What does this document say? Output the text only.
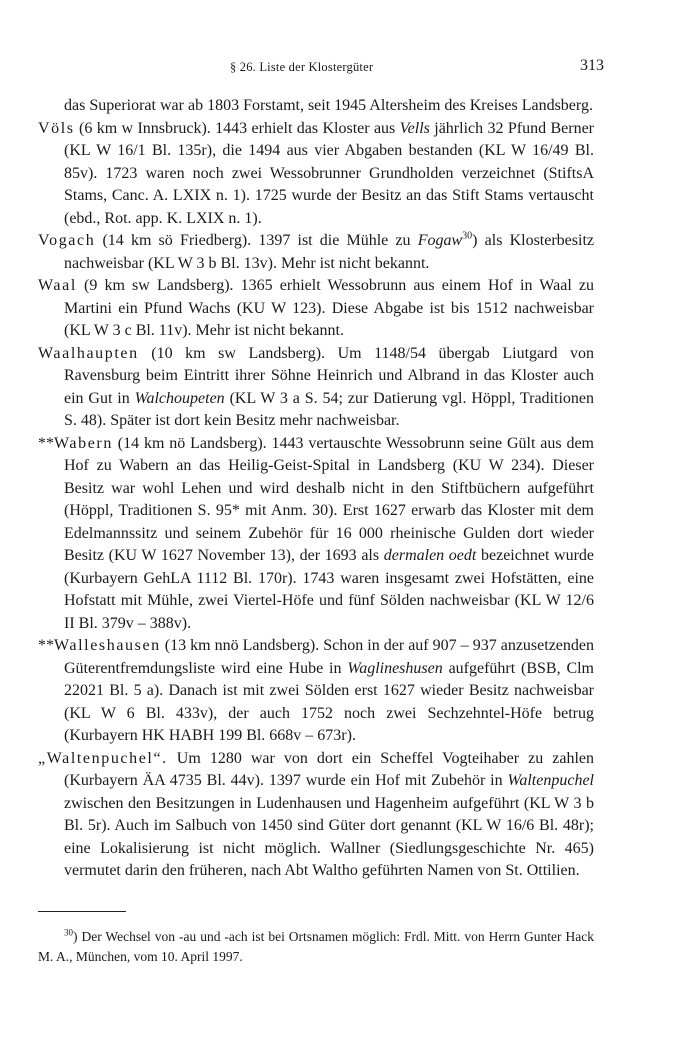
§ 26. Liste der Klostergüter	313

das Superiorat war ab 1803 Forstamt, seit 1945 Altersheim des Kreises Landsberg.

Völs (6 km w Innsbruck). 1443 erhielt das Kloster aus Vells jährlich 32 Pfund Berner (KL W 16/1 Bl. 135r), die 1494 aus vier Abgaben bestanden (KL W 16/49 Bl. 85v). 1723 waren noch zwei Wessobrunner Grundholden verzeichnet (StiftsA Stams, Canc. A. LXIX n. 1). 1725 wurde der Besitz an das Stift Stams vertauscht (ebd., Rot. app. K. LXIX n. 1).

Vogach (14 km sö Friedberg). 1397 ist die Mühle zu Fogaw$^{30}$) als Klosterbesitz nachweisbar (KL W 3 b Bl. 13v). Mehr ist nicht bekannt.

Waal (9 km sw Landsberg). 1365 erhielt Wessobrunn aus einem Hof in Waal zu Martini ein Pfund Wachs (KU W 123). Diese Abgabe ist bis 1512 nachweisbar (KL W 3 c Bl. 11v). Mehr ist nicht bekannt.

Waalhaupten (10 km sw Landsberg). Um 1148/54 übergab Liutgard von Ravensburg beim Eintritt ihrer Söhne Heinrich und Albrand in das Kloster auch ein Gut in Walchoupeten (KL W 3 a S. 54; zur Datierung vgl. Höppl, Traditionen S. 48). Später ist dort kein Besitz mehr nachweisbar.

**Wabern (14 km nö Landsberg). 1443 vertauschte Wessobrunn seine Gült aus dem Hof zu Wabern an das Heilig-Geist-Spital in Landsberg (KU W 234). Dieser Besitz war wohl Lehen und wird deshalb nicht in den Stiftbüchern aufgeführt (Höppl, Traditionen S. 95* mit Anm. 30). Erst 1627 erwarb das Kloster mit dem Edelmannssitz und seinem Zubehör für 16 000 rheinische Gulden dort wieder Besitz (KU W 1627 November 13), der 1693 als dermalen oedt bezeichnet wurde (Kurbayern GehLA 1112 Bl. 170r). 1743 waren insgesamt zwei Hofstätten, eine Hofstatt mit Mühle, zwei Viertel-Höfe und fünf Sölden nachweisbar (KL W 12/6 II Bl. 379v – 388v).

**Walleshausen (13 km nnö Landsberg). Schon in der auf 907 – 937 anzusetzenden Güterentfremdungsliste wird eine Hube in Waglineshusen aufgeführt (BSB, Clm 22021 Bl. 5 a). Danach ist mit zwei Sölden erst 1627 wieder Besitz nachweisbar (KL W 6 Bl. 433v), der auch 1752 noch zwei Sechzehntel-Höfe betrug (Kurbayern HK HABH 199 Bl. 668v – 673r).

„Waltenpuchel“. Um 1280 war von dort ein Scheffel Vogteihaber zu zahlen (Kurbayern ÄA 4735 Bl. 44v). 1397 wurde ein Hof mit Zubehör in Waltenpuchel zwischen den Besitzungen in Ludenhausen und Hagenheim aufgeführt (KL W 3 b Bl. 5r). Auch im Salbuch von 1450 sind Güter dort genannt (KL W 16/6 Bl. 48r); eine Lokalisierung ist nicht möglich. Wallner (Siedlungsgeschichte Nr. 465) vermutet darin den früheren, nach Abt Waltho geführten Namen von St. Ottilien.

$^{30}$) Der Wechsel von -au und -ach ist bei Ortsnamen möglich: Frdl. Mitt. von Herrn Gunter Hack M. A., München, vom 10. April 1997.
